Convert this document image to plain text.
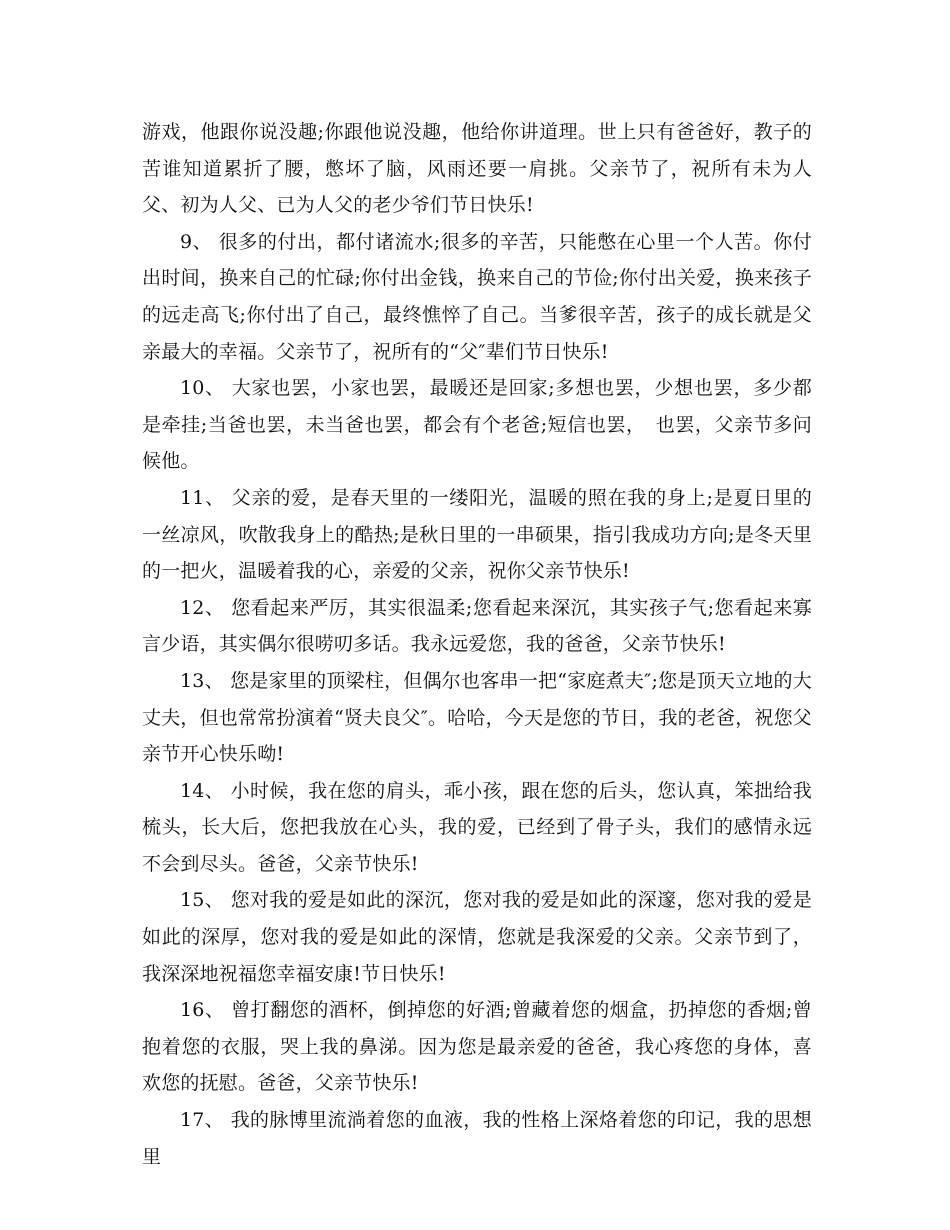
游戏，他跟你说没趣;你跟他说没趣，他给你讲道理。世上只有爸爸好，教子的苦谁知道累折了腰，憋坏了脑，风雨还要一肩挑。父亲节了，祝所有未为人父、初为人父、已为人父的老少爷们节日快乐!

9、 很多的付出，都付诸流水;很多的辛苦，只能憋在心里一个人苦。你付出时间，换来自己的忙碌;你付出金钱，换来自己的节俭;你付出关爱，换来孩子的远走高飞;你付出了自己，最终憔悴了自己。当爹很辛苦，孩子的成长就是父亲最大的幸福。父亲节了，祝所有的“父″辈们节日快乐!

10、 大家也罢，小家也罢，最暖还是回家;多想也罢，少想也罢，多少都是牵挂;当爸也罢，未当爸也罢，都会有个老爸;短信也罢，　也罢，父亲节多问候他。

11、 父亲的爱，是春天里的一缕阳光，温暖的照在我的身上;是夏日里的一丝凉风，吹散我身上的酷热;是秋日里的一串硕果，指引我成功方向;是冬天里的一把火，温暖着我的心，亲爱的父亲，祝你父亲节快乐!

12、 您看起来严厉，其实很温柔;您看起来深沉，其实孩子气;您看起来寡言少语，其实偶尔很唠叨多话。我永远爱您，我的爸爸，父亲节快乐!

13、 您是家里的顶梁柱，但偶尔也客串一把“家庭煮夫″;您是顶天立地的大丈夫，但也常常扮演着“贤夫良父″。哈哈，今天是您的节日，我的老爸，祝您父亲节开心快乐呦!

14、 小时候，我在您的肩头，乖小孩，跟在您的后头，您认真，笨拙给我梳头，长大后，您把我放在心头，我的爱，已经到了骨子头，我们的感情永远不会到尽头。爸爸，父亲节快乐!

15、 您对我的爱是如此的深沉，您对我的爱是如此的深邃，您对我的爱是如此的深厚，您对我的爱是如此的深情，您就是我深爱的父亲。父亲节到了，我深深地祝福您幸福安康!节日快乐!

16、 曾打翻您的酒杯，倒掉您的好酒;曾藏着您的烟盒，扔掉您的香烟;曾抱着您的衣服，哭上我的鼻涕。因为您是最亲爱的爸爸，我心疼您的身体，喜欢您的抚慰。爸爸，父亲节快乐!

17、 我的脉博里流淌着您的血液，我的性格上深烙着您的印记，我的思想里
